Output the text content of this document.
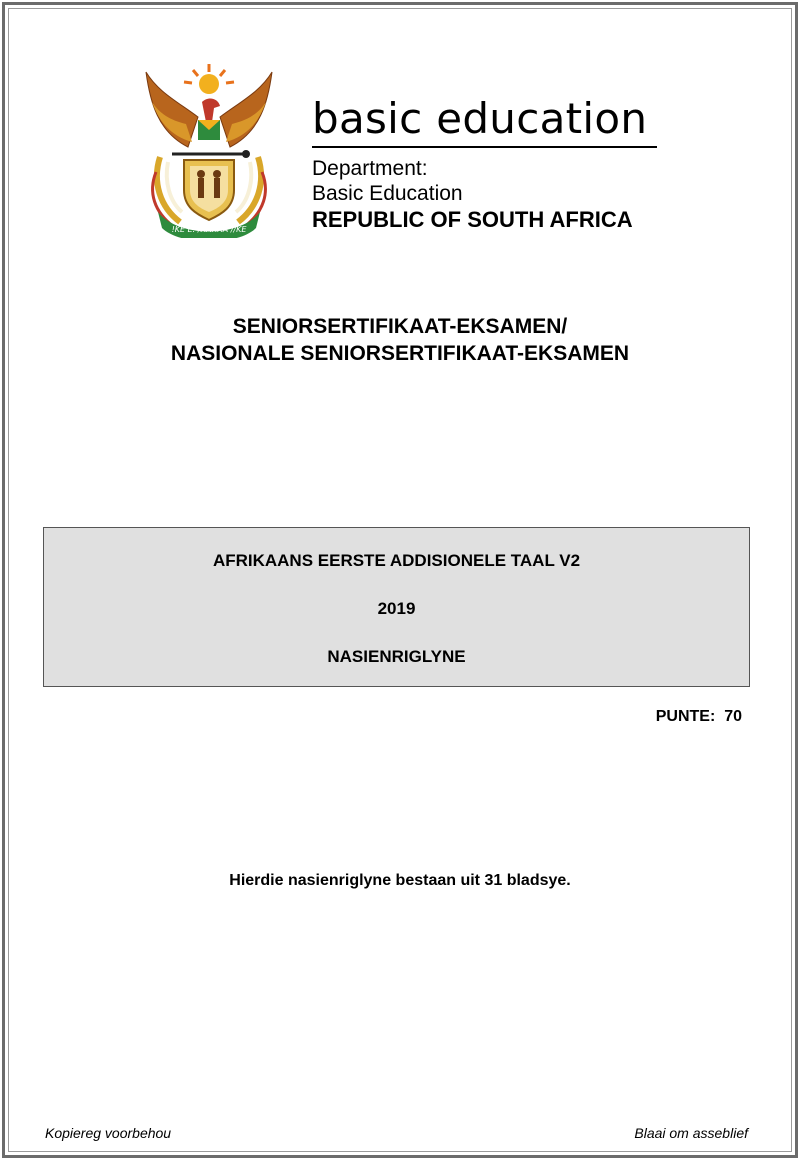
!KE E: /XARRA //KE
basic education
Department:
Basic Education
REPUBLIC OF SOUTH AFRICA
SENIORSERTIFIKAAT-EKSAMEN/
NASIONALE SENIORSERTIFIKAAT-EKSAMEN
AFRIKAANS EERSTE ADDISIONELE TAAL V2
2019
NASIENRIGLYNE
PUNTE:  70
Hierdie nasienriglyne bestaan uit 31 bladsye.
Kopiereg voorbehou	Blaai om asseblief
